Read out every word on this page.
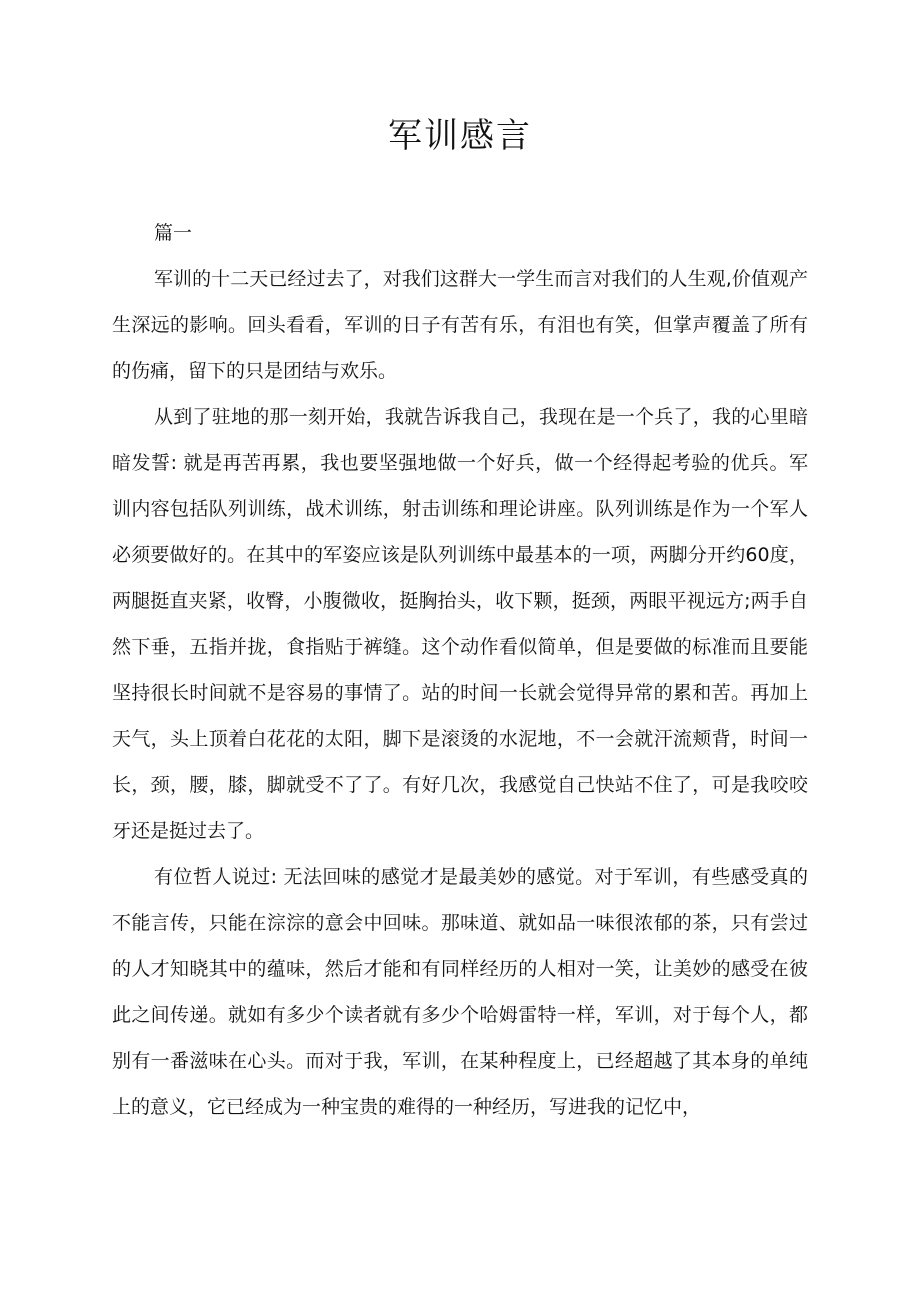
军训感言

篇一

军训的十二天已经过去了，对我们这群大一学生而言对我们的人生观,价值观产生深远的影响。回头看看，军训的日子有苦有乐，有泪也有笑，但掌声覆盖了所有的伤痛，留下的只是团结与欢乐。

从到了驻地的那一刻开始，我就告诉我自己，我现在是一个兵了，我的心里暗暗发誓: 就是再苦再累，我也要坚强地做一个好兵，做一个经得起考验的优兵。军训内容包括队列训练，战术训练，射击训练和理论讲座。队列训练是作为一个军人必须要做好的。在其中的军姿应该是队列训练中最基本的一项，两脚分开约60度，两腿挺直夹紧，收臀，小腹微收，挺胸抬头，收下颗，挺颈，两眼平视远方;两手自然下垂，五指并拢，食指贴于裤缝。这个动作看似简单，但是要做的标准而且要能坚持很长时间就不是容易的事情了。站的时间一长就会觉得异常的累和苦。再加上天气，头上顶着白花花的太阳，脚下是滚烫的水泥地，不一会就汗流颊背，时间一长，颈，腰，膝，脚就受不了了。有好几次，我感觉自己快站不住了，可是我咬咬牙还是挺过去了。

有位哲人说过: 无法回味的感觉才是最美妙的感觉。对于军训，有些感受真的不能言传，只能在淙淙的意会中回味。那味道、就如品一味很浓郁的茶，只有尝过的人才知晓其中的蕴味，然后才能和有同样经历的人相对一笑，让美妙的感受在彼此之间传递。就如有多少个读者就有多少个哈姆雷特一样，军训，对于每个人，都别有一番滋味在心头。而对于我，军训，在某种程度上，已经超越了其本身的单纯上的意义，它已经成为一种宝贵的难得的一种经历，写进我的记忆中，
